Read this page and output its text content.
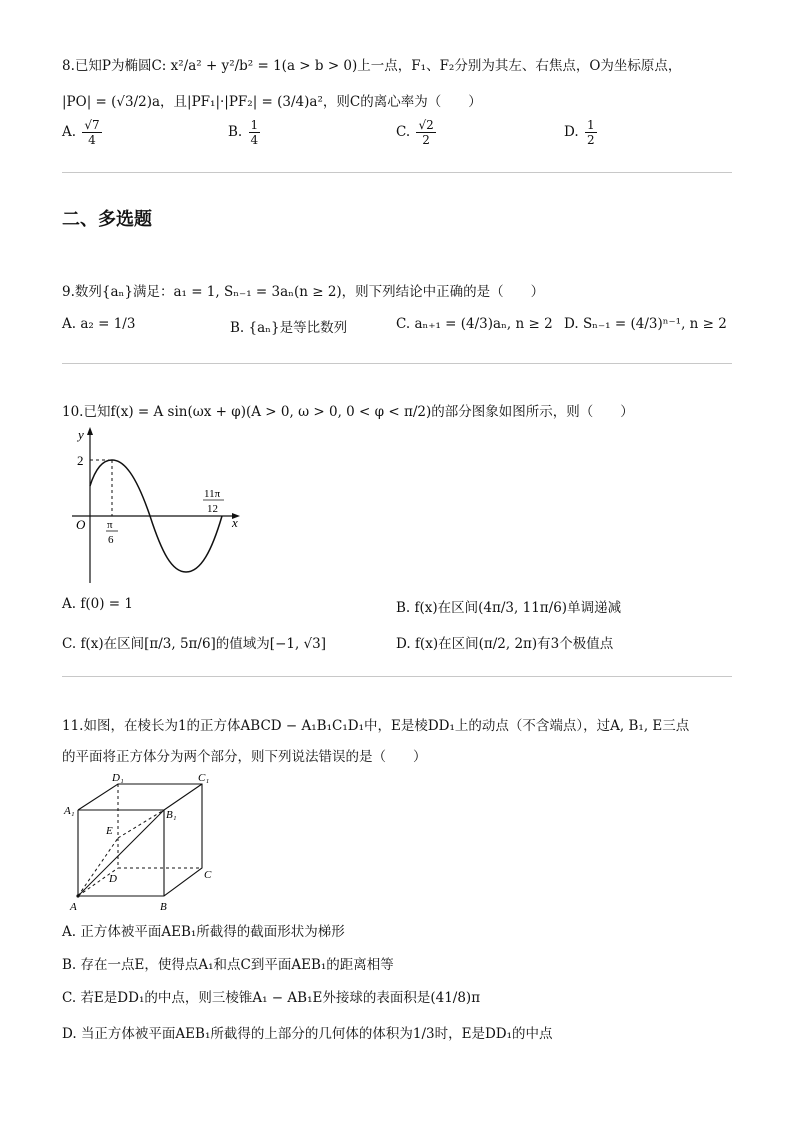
8.已知P为椭圆C: x²/a² + y²/b² = 1(a > b > 0)上一点，F₁、F₂分别为其左、右焦点，O为坐标原点，
|PO| = (√3/2)a，且|PF₁|·|PF₂| = (3/4)a²，则C的离心率为（　　）
A. $\frac{√7}{4}$	B. $\frac{1}{4}$	C. $\frac{√2}{2}$	D. $\frac{1}{2}$
二、多选题
9.数列{aₙ}满足：a₁ = 1, Sₙ₋₁ = 3aₙ(n ≥ 2)，则下列结论中正确的是（　　）
A. a₂ = 1/3	B. {aₙ}是等比数列	C. aₙ₊₁ = (4/3)aₙ, n ≥ 2 D. Sₙ₋₁ = (4/3)ⁿ⁻¹, n ≥ 2
10.已知f(x) = A sin(ωx + φ)(A > 0, ω > 0, 0 < φ < π/2)的部分图象如图所示，则（　　）
y
x
O
2
π
6
11π
12
A. f(0) = 1	B. f(x)在区间(4π/3, 11π/6)单调递减
C. f(x)在区间[π/3, 5π/6]的值域为[−1, √3]	D. f(x)在区间(π/2, 2π)有3个极值点
11.如图，在棱长为1的正方体ABCD − A₁B₁C₁D₁中，E是棱DD₁上的动点（不含端点），过A, B₁, E三点
的平面将正方体分为两个部分，则下列说法错误的是（　　）
D₁	C₁
A₁	B₁
E
D	C
A	B
A. 正方体被平面AEB₁所截得的截面形状为梯形
B. 存在一点E，使得点A₁和点C到平面AEB₁的距离相等
C. 若E是DD₁的中点，则三棱锥A₁ − AB₁E外接球的表面积是(41/8)π
D. 当正方体被平面AEB₁所截得的上部分的几何体的体积为1/3时，E是DD₁的中点
